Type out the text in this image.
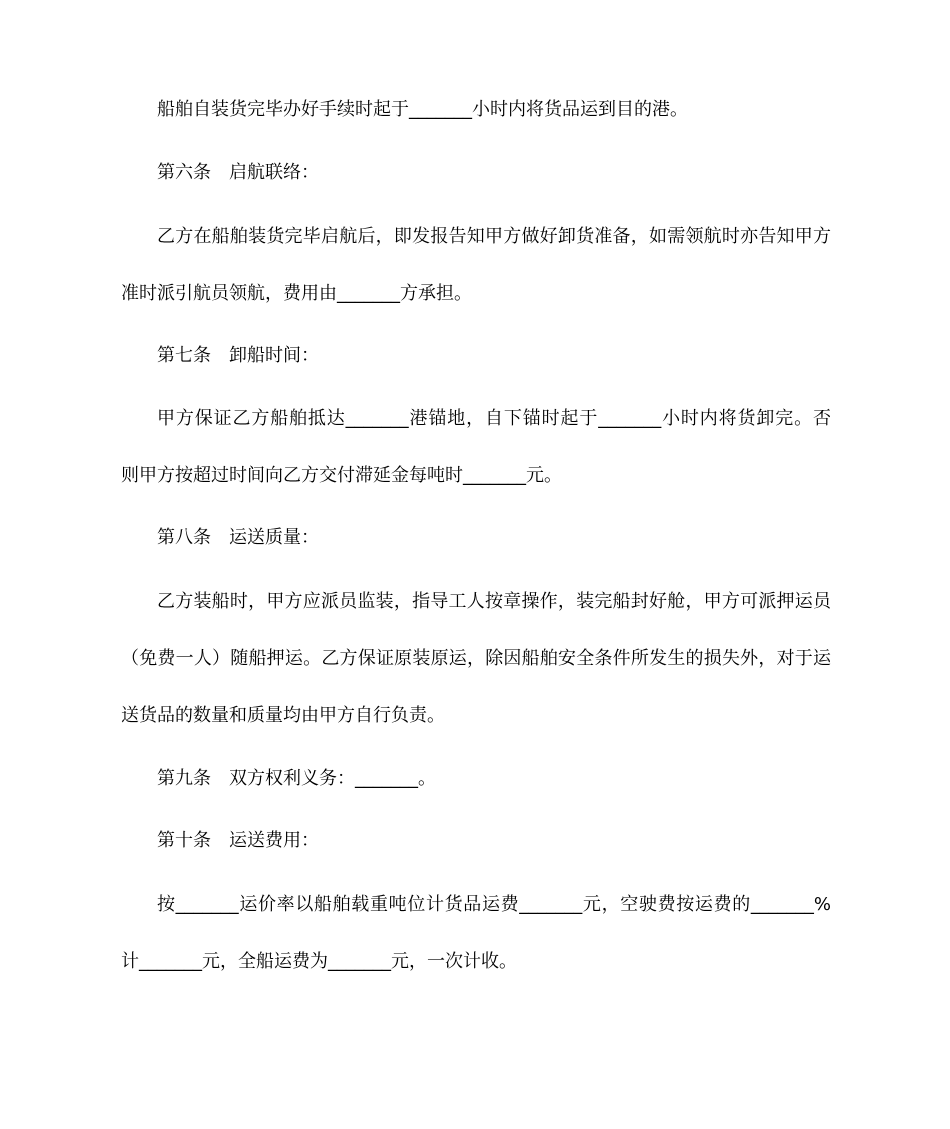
船舶自装货完毕办好手续时起于_______小时内将货品运到目的港。

第六条　启航联络：

乙方在船舶装货完毕启航后，即发报告知甲方做好卸货准备，如需领航时亦告知甲方

准时派引航员领航，费用由_______方承担。

第七条　卸船时间：

甲方保证乙方船舶抵达_______港锚地，自下锚时起于_______小时内将货卸完。否

则甲方按超过时间向乙方交付滞延金每吨时_______元。

第八条　运送质量：

乙方装船时，甲方应派员监装，指导工人按章操作，装完船封好舱，甲方可派押运员

（免费一人）随船押运。乙方保证原装原运，除因船舶安全条件所发生的损失外，对于运

送货品的数量和质量均由甲方自行负责。

第九条　双方权利义务：_______。

第十条　运送费用：

按_______运价率以船舶载重吨位计货品运费_______元，空驶费按运费的_______%

计_______元，全船运费为_______元，一次计收。
